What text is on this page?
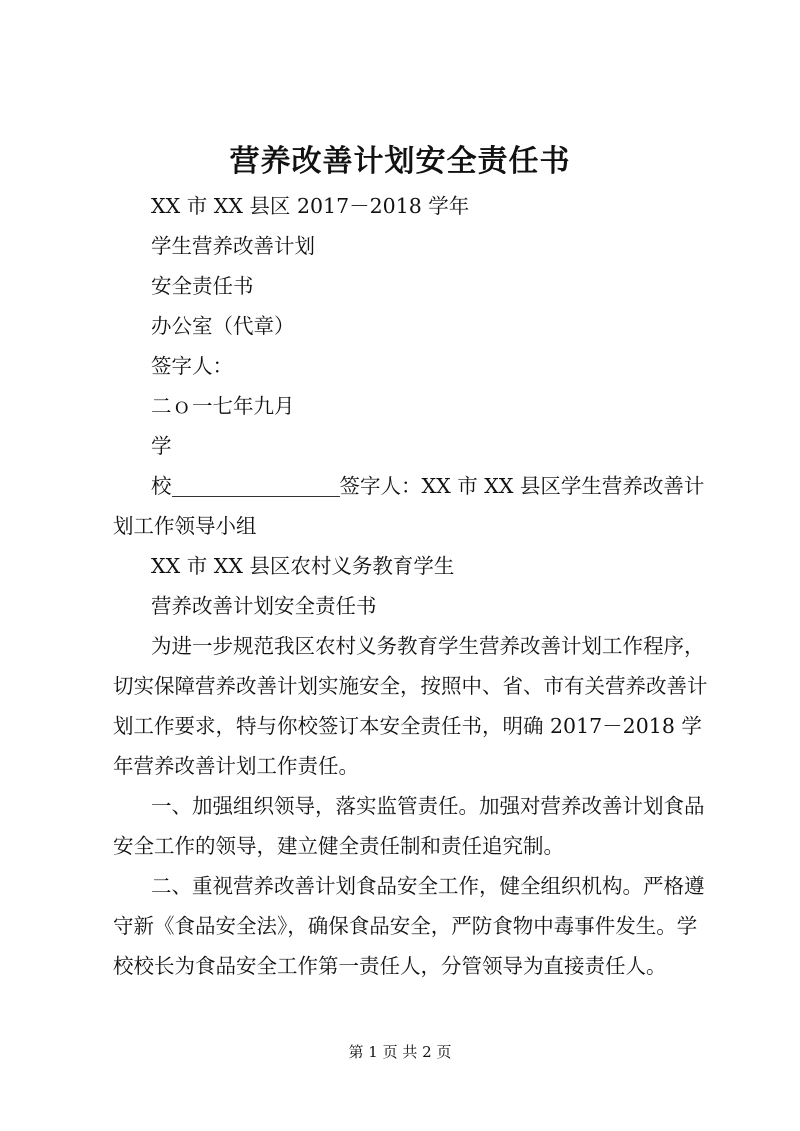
营养改善计划安全责任书

XX 市 XX 县区 2017－2018 学年

学生营养改善计划

安全责任书

办公室（代章）

签字人：

二ｏ一七年九月

学

校	签字人：XX 市 XX 县区学生营养改善计划工作领导小组

XX 市 XX 县区农村义务教育学生

营养改善计划安全责任书

为进一步规范我区农村义务教育学生营养改善计划工作程序，切实保障营养改善计划实施安全，按照中、省、市有关营养改善计划工作要求，特与你校签订本安全责任书，明确 2017－2018 学年营养改善计划工作责任。

一、加强组织领导，落实监管责任。加强对营养改善计划食品安全工作的领导，建立健全责任制和责任追究制。

二、重视营养改善计划食品安全工作，健全组织机构。严格遵守新《食品安全法》，确保食品安全，严防食物中毒事件发生。学校校长为食品安全工作第一责任人，分管领导为直接责任人。

第 1 页 共 2 页
